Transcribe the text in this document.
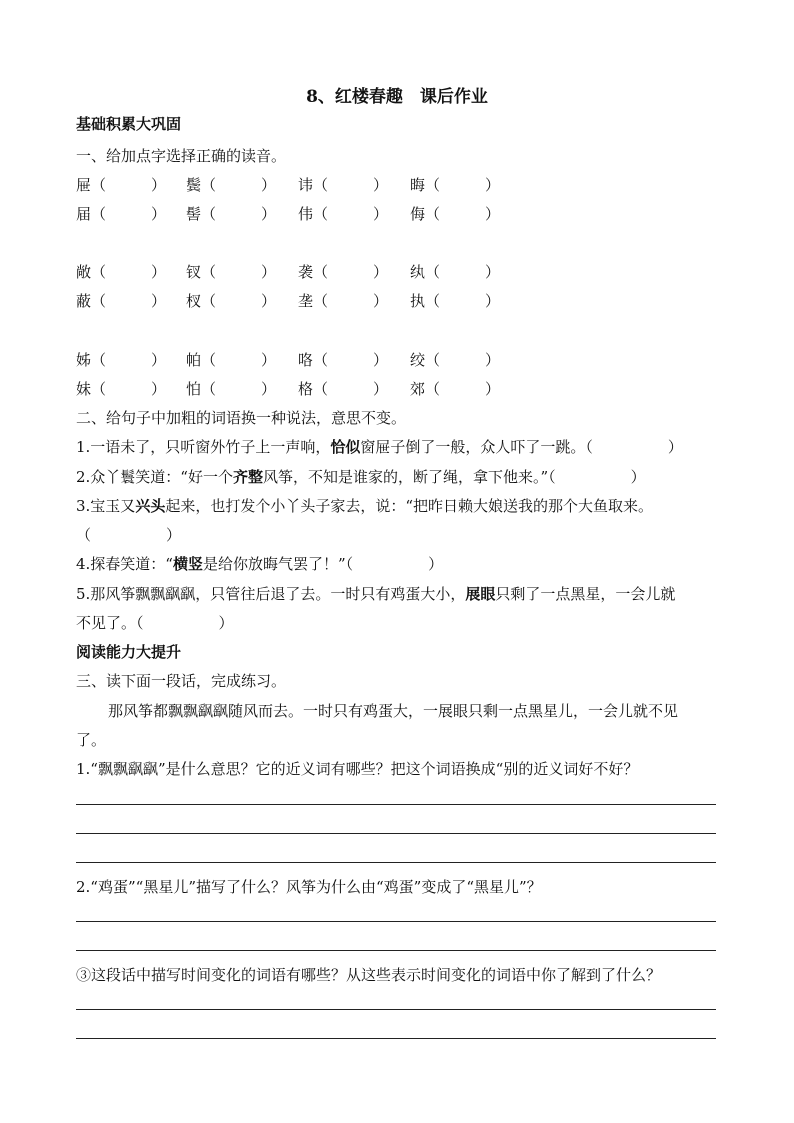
8、红楼春趣　课后作业
基础积累大巩固
一、给加点字选择正确的读音。
屉（　　　） 鬓（　　　） 讳（　　　） 晦（　　　）
届（　　　） 髻（　　　） 伟（　　　） 侮（　　　）
敞（　　　） 钗（　　　） 袭（　　　） 纨（　　　）
蔽（　　　） 杈（　　　） 垄（　　　） 执（　　　）
姊（　　　） 帕（　　　） 咯（　　　） 绞（　　　）
妹（　　　） 怕（　　　） 格（　　　） 郊（　　　）
二、给句子中加粗的词语换一种说法，意思不变。
1.一语未了，只听窗外竹子上一声响，恰似窗屉子倒了一般，众人吓了一跳。（　　　　　）
2.众丫鬟笑道：“好一个齐整风筝，不知是谁家的，断了绳，拿下他来。”（　　　　　）
3.宝玉又兴头起来，也打发个小丫头子家去，说：“把昨日赖大娘送我的那个大鱼取来。
（　　　　　）
4.探春笑道：“横竖是给你放晦气罢了！”（　　　　　）
5.那风筝飘飘飖飖，只管往后退了去。一时只有鸡蛋大小，展眼只剩了一点黑星，一会儿就
不见了。（　　　　　）
阅读能力大提升
三、读下面一段话，完成练习。
那风筝都飘飘飖飖随风而去。一时只有鸡蛋大，一展眼只剩一点黑星儿，一会儿就不见
了。
1.“飘飘飖飖”是什么意思？它的近义词有哪些？把这个词语换成“别的近义词好不好？
2.“鸡蛋”“黑星儿”描写了什么？风筝为什么由“鸡蛋”变成了“黑星儿”？
③这段话中描写时间变化的词语有哪些？从这些表示时间变化的词语中你了解到了什么？
